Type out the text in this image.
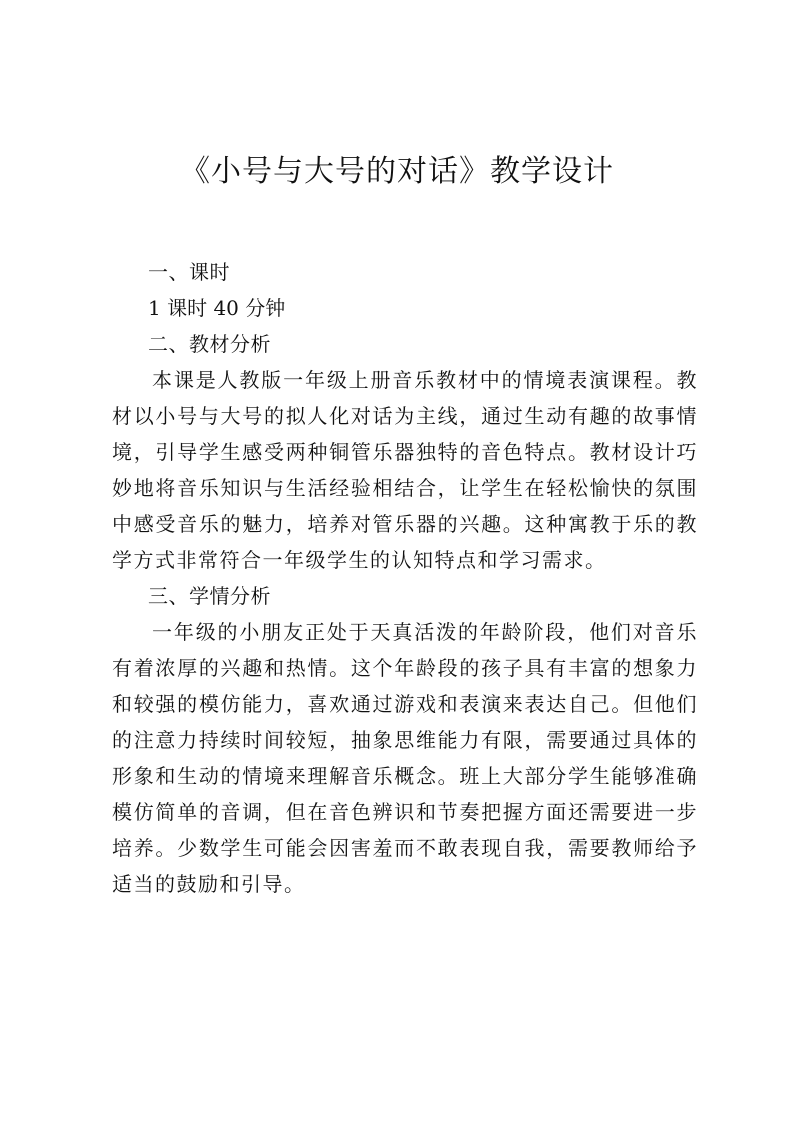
《小号与大号的对话》教学设计
一、课时
1 课时 40 分钟
二、教材分析

本课是人教版一年级上册音乐教材中的情境表演课程。教材以小号与大号的拟人化对话为主线，通过生动有趣的故事情境，引导学生感受两种铜管乐器独特的音色特点。教材设计巧妙地将音乐知识与生活经验相结合，让学生在轻松愉快的氛围中感受音乐的魅力，培养对管乐器的兴趣。这种寓教于乐的教学方式非常符合一年级学生的认知特点和学习需求。

三、学情分析

一年级的小朋友正处于天真活泼的年龄阶段，他们对音乐有着浓厚的兴趣和热情。这个年龄段的孩子具有丰富的想象力和较强的模仿能力，喜欢通过游戏和表演来表达自己。但他们的注意力持续时间较短，抽象思维能力有限，需要通过具体的形象和生动的情境来理解音乐概念。班上大部分学生能够准确模仿简单的音调，但在音色辨识和节奏把握方面还需要进一步培养。少数学生可能会因害羞而不敢表现自我，需要教师给予适当的鼓励和引导。
